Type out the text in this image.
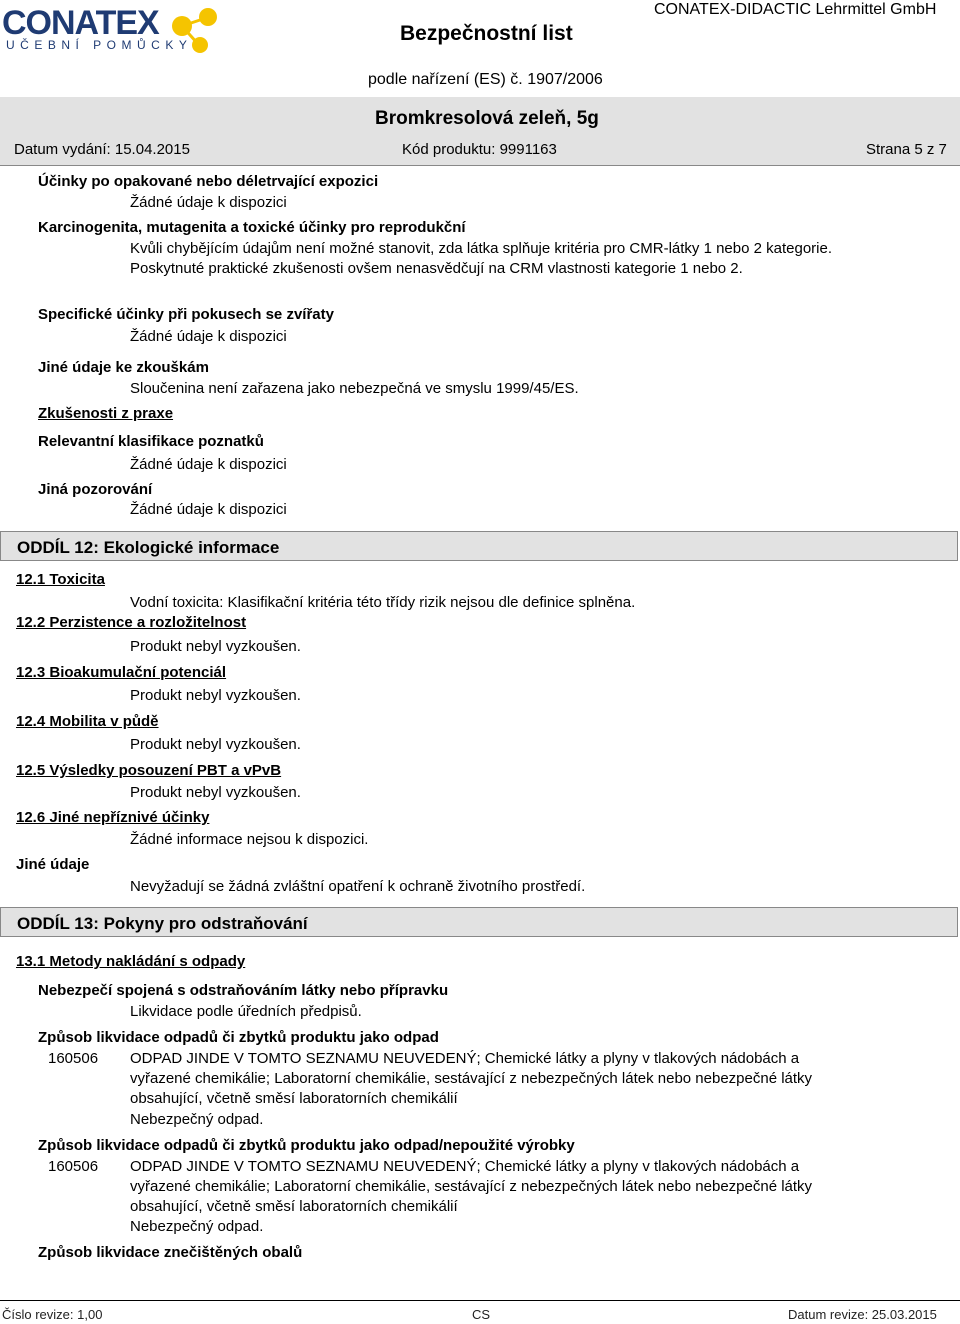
CONATEX
UČEBNÍ POMŮCKY
CONATEX-DIDACTIC Lehrmittel GmbH
Bezpečnostní list
podle nařízení (ES) č. 1907/2006
Bromkresolová zeleň, 5g
Datum vydání: 15.04.2015	Kód produktu: 9991163	Strana 5 z 7
Účinky po opakované nebo déletrvající expozici
Žádné údaje k dispozici
Karcinogenita, mutagenita a toxické účinky pro reprodukční
Kvůli chybějícím údajům není možné stanovit, zda látka splňuje kritéria pro CMR-látky 1 nebo 2 kategorie. Poskytnuté praktické zkušenosti ovšem nenasvědčují na CRM vlastnosti kategorie 1 nebo 2.
Specifické účinky při pokusech se zvířaty
Žádné údaje k dispozici
Jiné údaje ke zkouškám
Sloučenina není zařazena jako nebezpečná ve smyslu 1999/45/ES.
Zkušenosti z praxe
Relevantní klasifikace poznatků
Žádné údaje k dispozici
Jiná pozorování
Žádné údaje k dispozici
ODDÍL 12: Ekologické informace
12.1 Toxicita
Vodní toxicita: Klasifikační kritéria této třídy rizik nejsou dle definice splněna.
12.2 Perzistence a rozložitelnost
Produkt nebyl vyzkoušen.
12.3 Bioakumulační potenciál
Produkt nebyl vyzkoušen.
12.4 Mobilita v půdě
Produkt nebyl vyzkoušen.
12.5 Výsledky posouzení PBT a vPvB
Produkt nebyl vyzkoušen.
12.6 Jiné nepříznivé účinky
Žádné informace nejsou k dispozici.
Jiné údaje
Nevyžadují se žádná zvláštní opatření k ochraně životního prostředí.
ODDÍL 13: Pokyny pro odstraňování
13.1 Metody nakládání s odpady
Nebezpečí spojená s odstraňováním látky nebo přípravku
Likvidace podle úředních předpisů.
Způsob likvidace odpadů či zbytků produktu jako odpad
160506 ODPAD JINDE V TOMTO SEZNAMU NEUVEDENÝ; Chemické látky a plyny v tlakových nádobách a vyřazené chemikálie; Laboratorní chemikálie, sestávající z nebezpečných látek nebo nebezpečné látky obsahující, včetně směsí laboratorních chemikálií
Nebezpečný odpad.
Způsob likvidace odpadů či zbytků produktu jako odpad/nepoužité výrobky
160506 ODPAD JINDE V TOMTO SEZNAMU NEUVEDENÝ; Chemické látky a plyny v tlakových nádobách a vyřazené chemikálie; Laboratorní chemikálie, sestávající z nebezpečných látek nebo nebezpečné látky obsahující, včetně směsí laboratorních chemikálií
Nebezpečný odpad.
Způsob likvidace znečištěných obalů
Číslo revize: 1,00	CS	Datum revize: 25.03.2015
